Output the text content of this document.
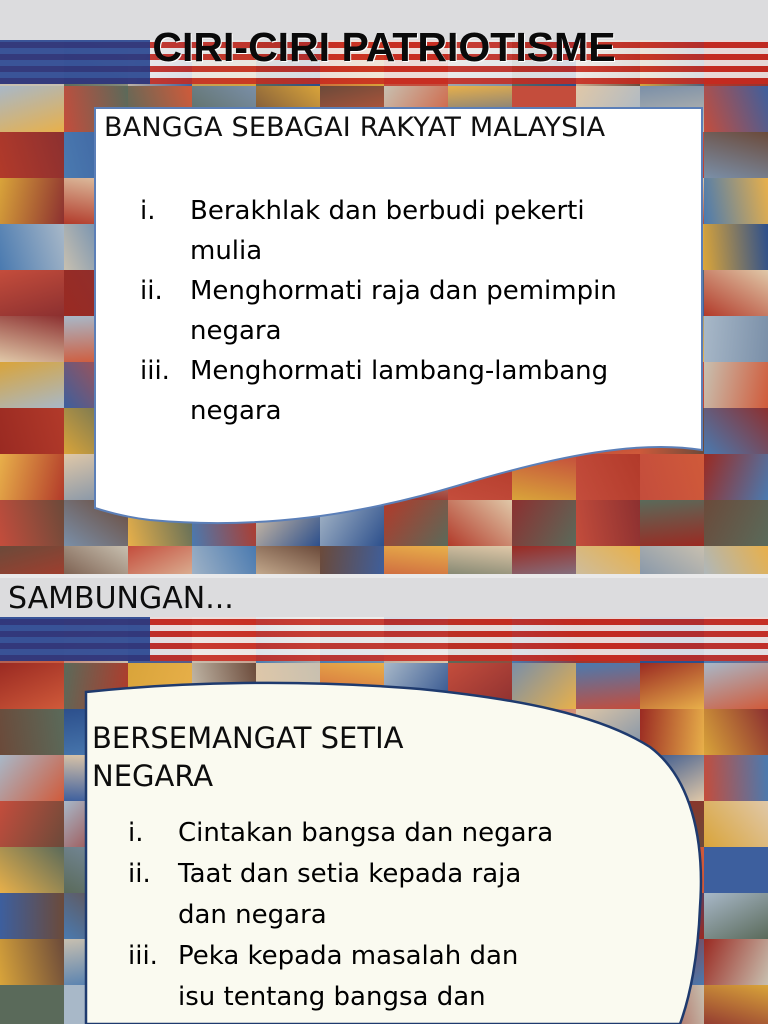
CIRI-CIRI PATRIOTISME
BANGGA SEBAGAI RAKYAT MALAYSIA
i. Berakhlak dan berbudi pekerti
mulia
ii. Menghormati raja dan pemimpin
negara
iii. Menghormati lambang-lambang
negara
SAMBUNGAN...
BERSEMANGAT SETIA
NEGARA
i. Cintakan bangsa dan negara
ii. Taat dan setia kepada raja
dan negara
iii. Peka kepada masalah dan
isu tentang bangsa dan
